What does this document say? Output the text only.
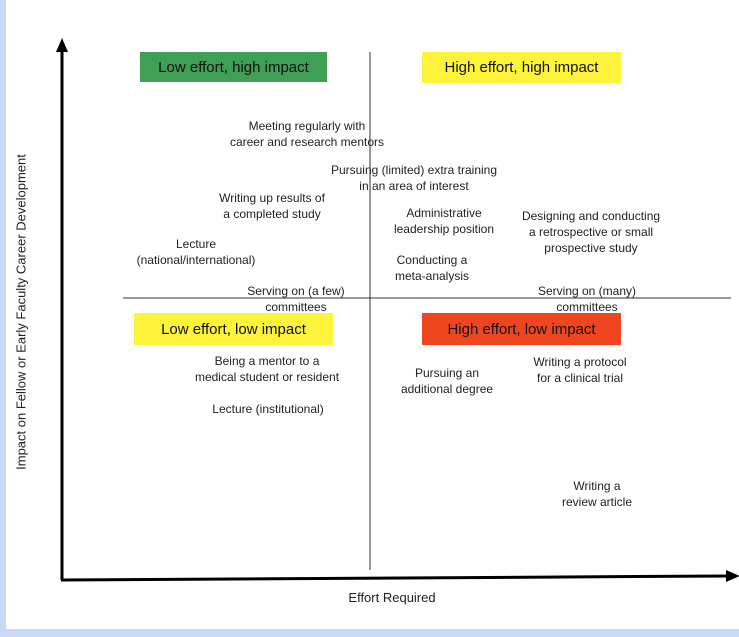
Low effort, high impact	High effort, high impact
Low effort, low impact	High effort, low impact
Meeting regularly with
career and research mentors
Pursuing (limited) extra training
in an area of interest
Writing up results of
a completed study	Administrative
leadership position
Designing and conducting
a retrospective or small
prospective study
Lecture
(national/international)	Conducting a
meta-analysis
Serving on (a few)
committees
Serving on (many)
committees
Being a mentor to a
medical student or resident
Lecture (institutional)
Pursuing an
additional degree
Writing a protocol
for a clinical trial
Writing a
review article
Effort Required
Impact on Fellow or Early Faculty Career Development
